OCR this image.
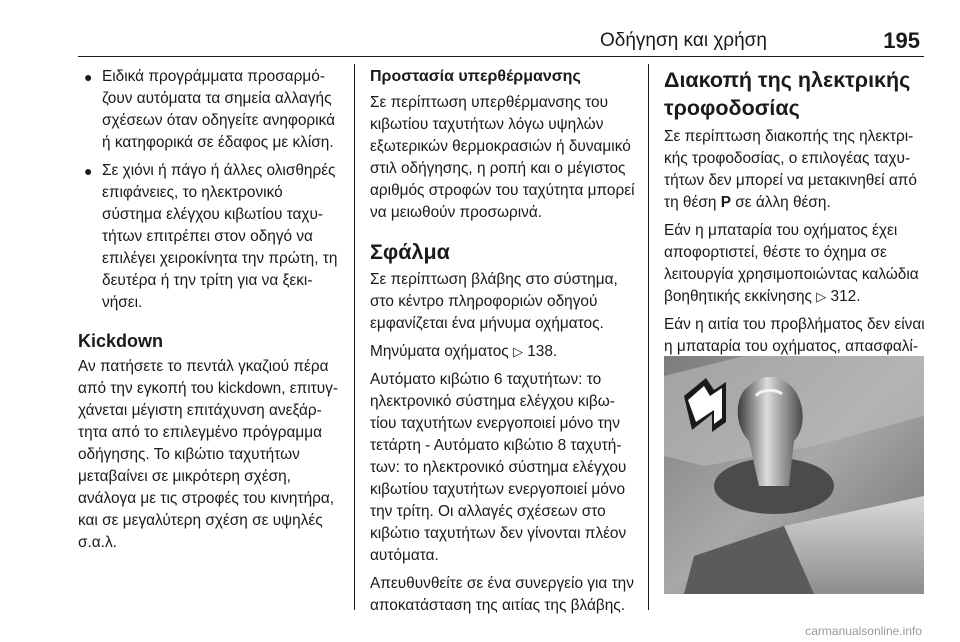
Οδήγηση και χρήση	195
● Ειδικά προγράμματα προσαρμόζουν αυτόματα τα σημεία αλλαγής σχέσεων όταν οδηγείτε ανηφορικά ή κατηφορικά σε έδαφος με κλίση.
● Σε χιόνι ή πάγο ή άλλες ολισθηρές επιφάνειες, το ηλεκτρονικό σύστημα ελέγχου κιβωτίου ταχυτήτων επιτρέπει στον οδηγό να επιλέγει χειροκίνητα την πρώτη, τη δευτέρα ή την τρίτη για να ξεκινήσει.
Kickdown

Αν πατήσετε το πεντάλ γκαζιού πέρα από την εγκοπή του kickdown, επιτυγχάνεται μέγιστη επιτάχυνση ανεξάρτητα από το επιλεγμένο πρόγραμμα οδήγησης. Το κιβώτιο ταχυτήτων μεταβαίνει σε μικρότερη σχέση, ανάλογα με τις στροφές του κινητήρα, και σε μεγαλύτερη σχέση σε υψηλές σ.α.λ.

Προστασία υπερθέρμανσης

Σε περίπτωση υπερθέρμανσης του κιβωτίου ταχυτήτων λόγω υψηλών εξωτερικών θερμοκρασιών ή δυναμικό στιλ οδήγησης, η ροπή και ο μέγιστος αριθμός στροφών του ταχύτητα μπορεί να μειωθούν προσωρινά.

Σφάλμα

Σε περίπτωση βλάβης στο σύστημα, στο κέντρο πληροφοριών οδηγού εμφανίζεται ένα μήνυμα οχήματος.

Μηνύματα οχήματος ▷ 138.

Αυτόματο κιβώτιο 6 ταχυτήτων: το ηλεκτρονικό σύστημα ελέγχου κιβωτίου ταχυτήτων ενεργοποιεί μόνο την τετάρτη - Αυτόματο κιβώτιο 8 ταχυτήτων: το ηλεκτρονικό σύστημα ελέγχου κιβωτίου ταχυτήτων ενεργοποιεί μόνο την τρίτη. Οι αλλαγές σχέσεων στο κιβώτιο ταχυτήτων δεν γίνονται πλέον αυτόματα.

Απευθυνθείτε σε ένα συνεργείο για την αποκατάσταση της αιτίας της βλάβης.

Διακοπή της ηλεκτρικής τροφοδοσίας

Σε περίπτωση διακοπής της ηλεκτρικής τροφοδοσίας, ο επιλογέας ταχυτήτων δεν μπορεί να μετακινηθεί από τη θέση P σε άλλη θέση.

Εάν η μπαταρία του οχήματος έχει αποφορτιστεί, θέστε το όχημα σε λειτουργία χρησιμοποιώντας καλώδια βοηθητικής εκκίνησης ▷ 312.

Εάν η αιτία του προβλήματος δεν είναι η μπαταρία του οχήματος, απασφαλί

carmanualsonline.info
